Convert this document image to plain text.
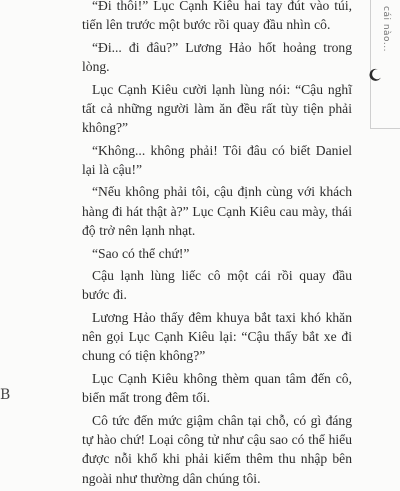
“Đi thôi!” Lục Cạnh Kiêu hai tay đút vào túi, tiến lên trước một bước rồi quay đầu nhìn cô.

“Đi... đi đâu?” Lương Hảo hốt hoảng trong lòng.

Lục Cạnh Kiêu cười lạnh lùng nói: “Cậu nghĩ tất cả những người làm ăn đều rất tùy tiện phải không?”

“Không... không phải! Tôi đâu có biết Daniel lại là cậu!”

“Nếu không phải tôi, cậu định cùng với khách hàng đi hát thật à?” Lục Cạnh Kiêu cau mày, thái độ trở nên lạnh nhạt.

“Sao có thể chứ!”

Cậu lạnh lùng liếc cô một cái rồi quay đầu bước đi.

Lương Hảo thấy đêm khuya bắt taxi khó khăn nên gọi Lục Cạnh Kiêu lại: “Cậu thấy bắt xe đi chung có tiện không?”

Lục Cạnh Kiêu không thèm quan tâm đến cô, biến mất trong đêm tối.

Cô tức đến mức giậm chân tại chỗ, có gì đáng tự hào chứ! Loại công tử như cậu sao có thể hiểu được nỗi khổ khi phải kiếm thêm thu nhập bên ngoài như thường dân chúng tôi.

cái nào...
B
